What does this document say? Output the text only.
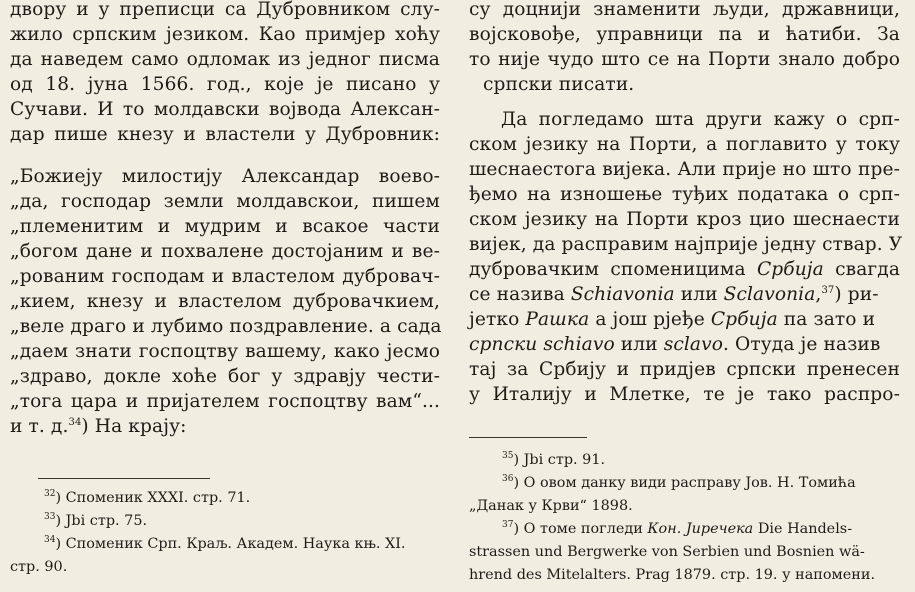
двору и у преписци са Дубровником слу-
жило српским језиком. Као примјер хоћу
да наведем само одломак из једног писма
од 18. јуна 1566. год., које је писано у
Сучави. И то молдавски војвода Алексан-
дар пише кнезу и властели у Дубровник:
„Божиеју милостију Александар воево-
„да, господар земли молдавскои, пишем
„племенитим и мудрим и всакое части
„богом дане и похвалене достојаним и ве-
„рованим господам и властелом дубровач-
„кием, кнезу и властелом дубровачкием,
„веле драго и лубимо поздравление. а сада
„даем знати госпоцтву вашему, како јесмо
„здраво, докле хоће бог у здравју чести-
„тога цара и пријателем госпоцтву вам“...
и т. д.$^{34}$) На крају:
$^{32}$) Споменик XXXI. стр. 71.
$^{33}$) Jbi стр. 75.
$^{34}$) Споменик Срп. Краљ. Академ. Наука књ. XI.
стр. 90.
су доцнији знаменити људи, државници,
војсковође, управници па и ћатиби. За
то није чудо што се на Порти знало добро
српски писати.
Да погледамо шта други кажу о срп-
ском језику на Порти, а поглавито у току
шеснаестога вијека. Али прије но што пре-
ђемо на изношење туђих података о срп-
ском језику на Порти кроз цио шеснаести
вијек, да расправим најприје једну ствар. У
дубровачким споменицима Србија свагда
се назива Schiavonia или Sclavonia,$^{37}$) ри-
јетко Рашка а још рјеђе Србија па зато и
српски schiavo или sclavo. Отуда је назив
тај за Србију и придјев српски пренесен
у Италију и Млетке, те је тако распро-
$^{35}$) Jbi стр. 91.
$^{36}$) О овом данку види расправу Јов. Н. Томића
„Данак у Крви“ 1898.
$^{37}$) О томе погледи Кон. Јиречека Die Handels-
strassen und Bergwerke von Serbien und Bosnien wä-
hrend des Mitelalters. Prag 1879. стр. 19. у напомени.
